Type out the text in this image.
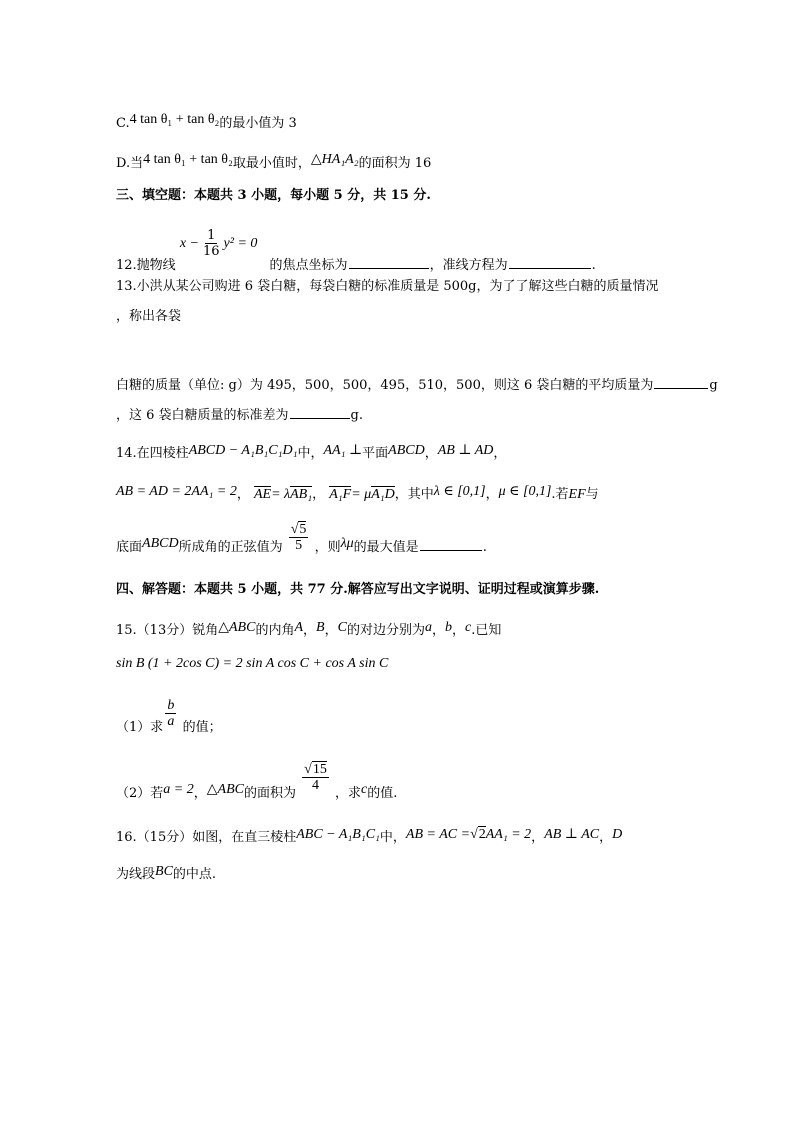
C.4 tan θ₁ + tan θ₂的最小值为 3
D.当4 tan θ₁ + tan θ₂取最小值时，△HA₁A₂的面积为 16
三、填空题：本题共 3 小题，每小题 5 分，共 15 分.
12.抛物线 $x - \frac{1}{16} y^2 = 0$ 的焦点坐标为	，准线方程为	.
13.小洪从某公司购进 6 袋白糖，每袋白糖的标准质量是 500g，为了了解这些白糖的质量情况
，称出各袋
白糖的质量（单位: g）为 495，500，500，495，510，500，则这 6 袋白糖的平均质量为	g
，这 6 袋白糖质量的标准差为	g.
14.在四棱柱ABCD − A₁B₁C₁D₁中，AA₁ ⊥平面ABCD，AB ⊥ AD，
AB = AD = 2AA₁ = 2， AE= λAB₁， A₁F= μA₁D，其中λ ∈ [0,1]，μ ∈ [0,1].若EF与
底面ABCD所成角的正弦值为 $\frac{√5}{5}$ ，则λμ的最大值是	.
四、解答题：本题共 5 小题，共 77 分.解答应写出文字说明、证明过程或演算步骤.
15.（13分）锐角△ABC的内角A，B，C的对边分别为a，b，c.已知
sin B (1 + 2cos C) = 2 sin A cos C + cos A sin C
（1）求 $\frac{b}{a}$ 的值；
（2）若a = 2，△ABC的面积为
$\frac{√15}{4}$
，求c的值.
16.（15分）如图，在直三棱柱ABC − A₁B₁C₁中，AB = AC =√2AA₁ = 2，AB ⊥ AC，D
为线段BC的中点.
